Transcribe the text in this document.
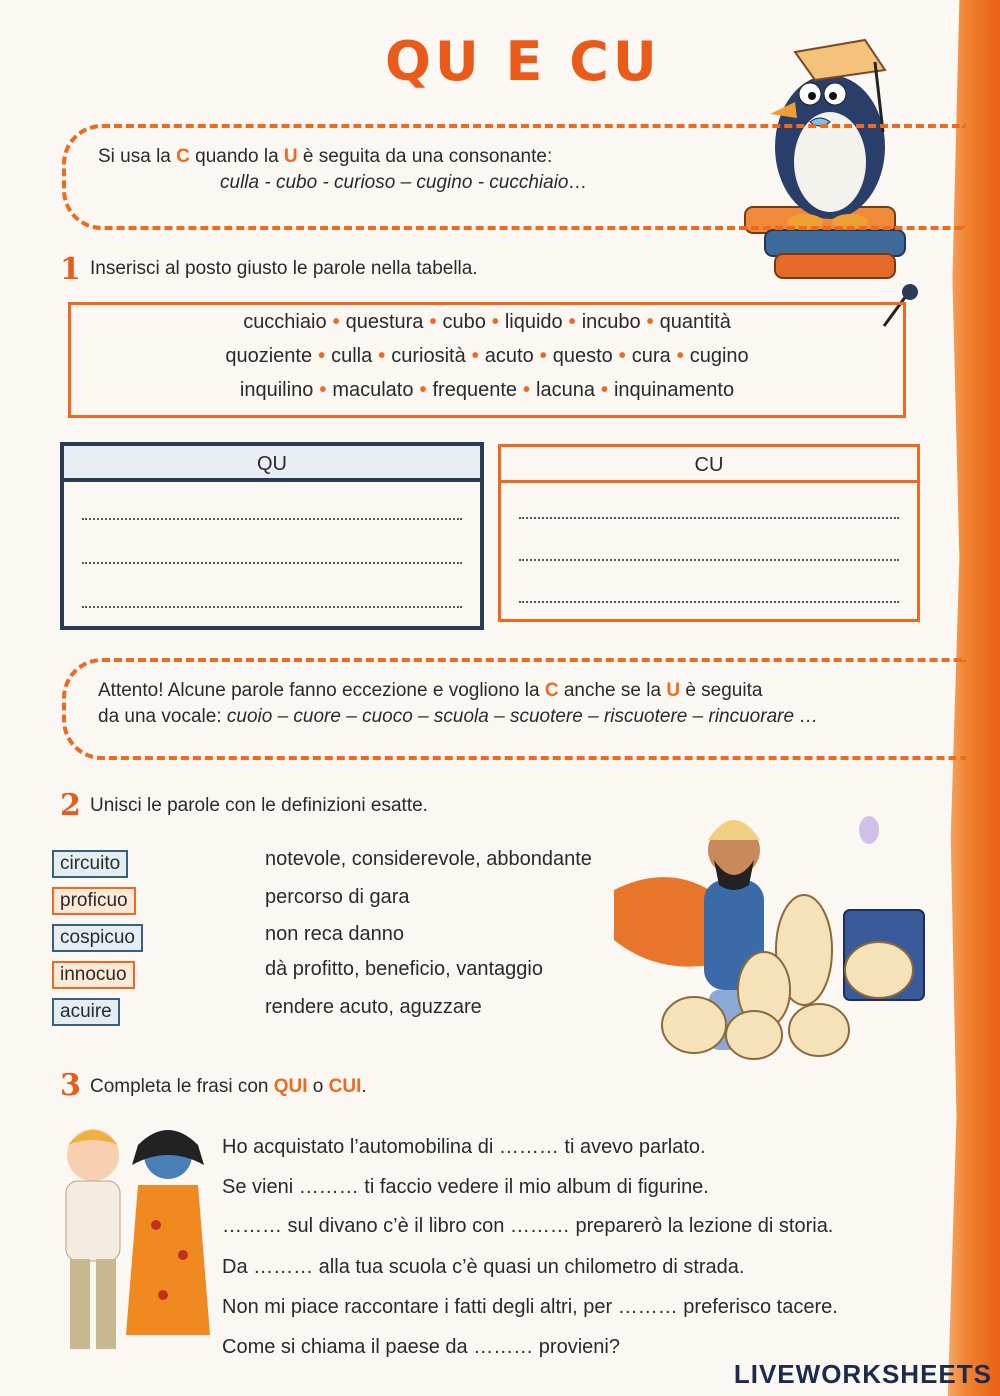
QU E CU
Si usa la C quando la U è seguita da una consonante:
culla - cubo - curioso – cugino - cucchiaio…
1 Inserisci al posto giusto le parole nella tabella.
cucchiaio • questura • cubo • liquido • incubo • quantità
quoziente • culla • curiosità • acuto • questo • cura • cugino
inquilino • maculato • frequente • lacuna • inquinamento
QU	CU
Attento! Alcune parole fanno eccezione e vogliono la C anche se la U è seguita
da una vocale: cuoio – cuore – cuoco – scuola – scuotere – riscuotere – rincuorare …
2 Unisci le parole con le definizioni esatte.
circuito
proficuo
cospicuo
innocuo
acuire
notevole, considerevole, abbondante
percorso di gara
non reca danno
dà profitto, beneficio, vantaggio
rendere acuto, aguzzare
3 Completa le frasi con QUI o CUI.
Ho acquistato l’automobilina di ……… ti avevo parlato.
Se vieni ……… ti faccio vedere il mio album di figurine.
……… sul divano c’è il libro con ……… preparerò la lezione di storia.
Da ……… alla tua scuola c’è quasi un chilometro di strada.
Non mi piace raccontare i fatti degli altri, per ……… preferisco tacere.
Come si chiama il paese da ……… provieni?
LIVEWORKSHEETS
